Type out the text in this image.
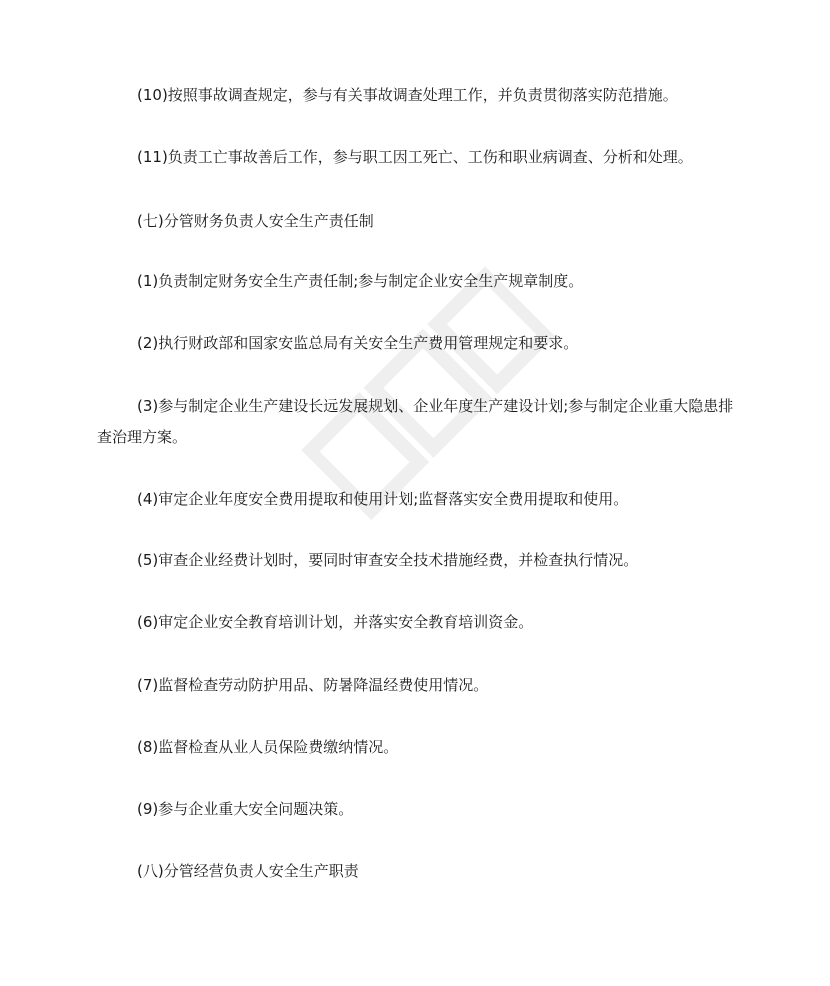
(10)按照事故调查规定，参与有关事故调查处理工作，并负责贯彻落实防范措施。

(11)负责工亡事故善后工作，参与职工因工死亡、工伤和职业病调查、分析和处理。

(七)分管财务负责人安全生产责任制

(1)负责制定财务安全生产责任制;参与制定企业安全生产规章制度。

(2)执行财政部和国家安监总局有关安全生产费用管理规定和要求。

(3)参与制定企业生产建设长远发展规划、企业年度生产建设计划;参与制定企业重大隐患排查治理方案。

(4)审定企业年度安全费用提取和使用计划;监督落实安全费用提取和使用。

(5)审查企业经费计划时，要同时审查安全技术措施经费，并检查执行情况。

(6)审定企业安全教育培训计划，并落实安全教育培训资金。

(7)监督检查劳动防护用品、防暑降温经费使用情况。

(8)监督检查从业人员保险费缴纳情况。

(9)参与企业重大安全问题决策。

(八)分管经营负责人安全生产职责
